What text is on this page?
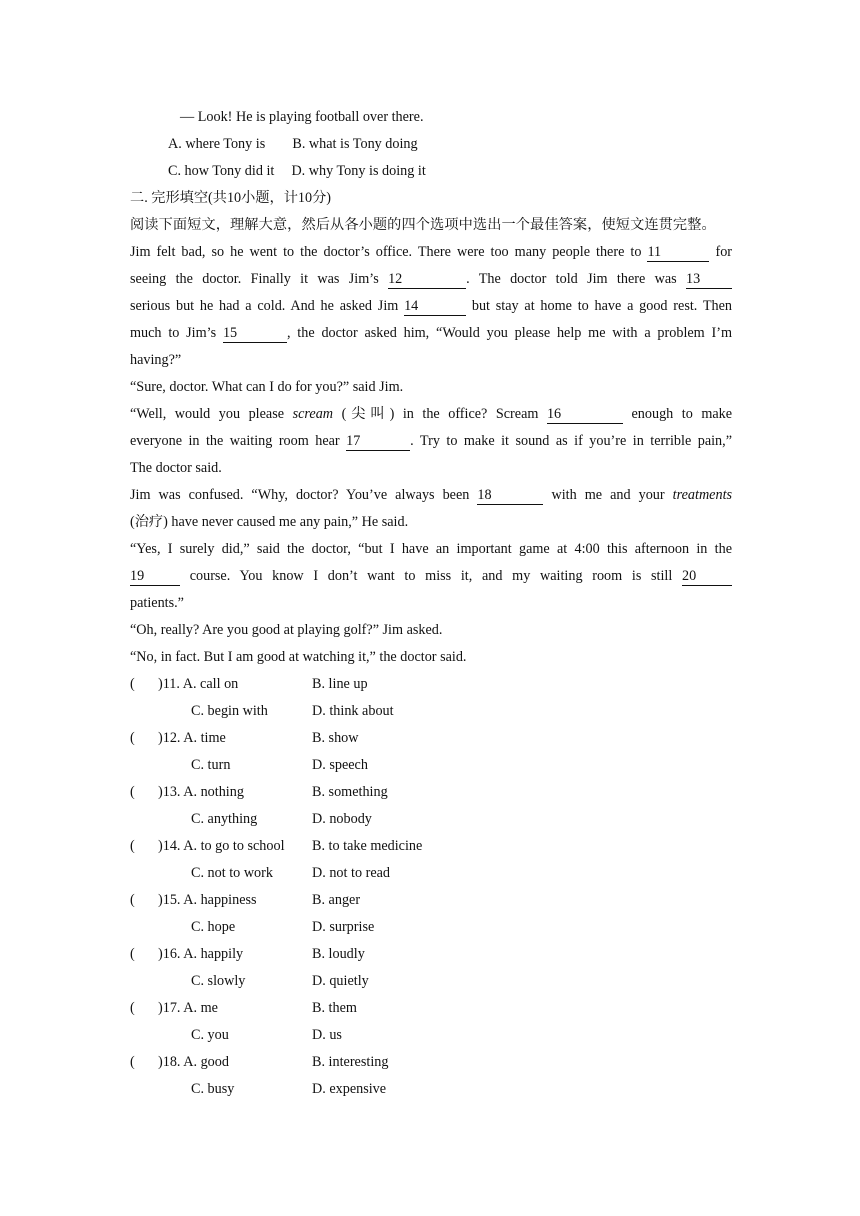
— Look! He is playing football over there.
A. where Tony is B. what is Tony doing
C. how Tony did it D. why Tony is doing it
二. 完形填空(共10小题，计10分)
阅读下面短文，理解大意，然后从各小题的四个选项中选出一个最佳答案，使短文连贯完整。
Jim felt bad, so he went to the doctor’s office. There were too many people there to 11	for
seeing the doctor. Finally it was Jim’s 12	. The doctor told Jim there was 13
serious but he had a cold. And he asked Jim 14	but stay at home to have a good rest. Then
much to Jim’s 15	, the doctor asked him, “Would you please help me with a problem I’m
having?”
“Sure, doctor. What can I do for you?” said Jim.
“Well, would you please scream (尖叫) in the office? Scream 16	enough to make
everyone in the waiting room hear 17	. Try to make it sound as if you’re in terrible pain,”
The doctor said.
Jim was confused. “Why, doctor? You’ve always been 18	with me and your treatments
(治疗) have never caused me any pain,” He said.
“Yes, I surely did,” said the doctor, “but I have an important game at 4:00 this afternoon in the
19	course. You know I don’t want to miss it, and my waiting room is still 20
patients.”
“Oh, really? Are you good at playing golf?” Jim asked.
“No, in fact. But I am good at watching it,” the doctor said.
( )11. A. call on	B. line up
C. begin with	D. think about
( )12. A. time	B. show
C. turn	D. speech
( )13. A. nothing	B. something
C. anything	D. nobody
( )14. A. to go to school B. to take medicine
C. not to work	D. not to read
( )15. A. happiness	B. anger
C. hope	D. surprise
( )16. A. happily	B. loudly
C. slowly	D. quietly
( )17. A. me	B. them
C. you	D. us
( )18. A. good	B. interesting
C. busy	D. expensive
